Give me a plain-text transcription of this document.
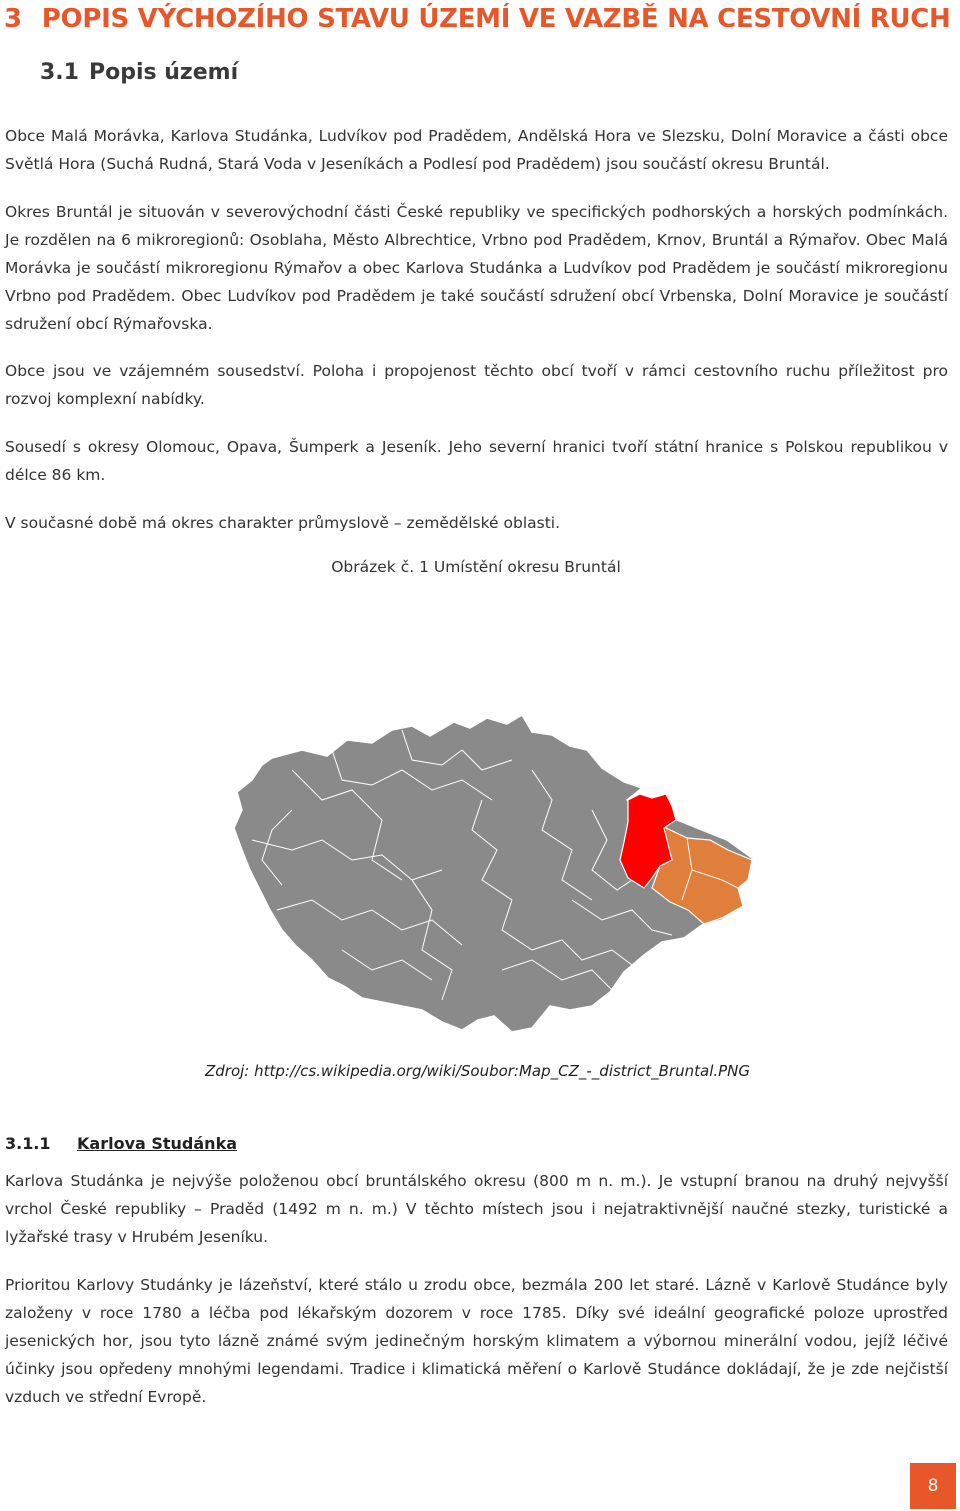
3 POPIS VÝCHOZÍHO STAVU ÚZEMÍ VE VAZBĚ NA CESTOVNÍ RUCH
3.1 Popis území

Obce Malá Morávka, Karlova Studánka, Ludvíkov pod Pradědem, Andělská Hora ve Slezsku, Dolní Moravice a části obce Světlá Hora (Suchá Rudná, Stará Voda v Jeseníkách a Podlesí pod Pradědem) jsou součástí okresu Bruntál.

Okres Bruntál je situován v severovýchodní části České republiky ve specifických podhorských a horských podmínkách. Je rozdělen na 6 mikroregionů: Osoblaha, Město Albrechtice, Vrbno pod Pradědem, Krnov, Bruntál a Rýmařov. Obec Malá Morávka je součástí mikroregionu Rýmařov a obec Karlova Studánka a Ludvíkov pod Pradědem je součástí mikroregionu Vrbno pod Pradědem. Obec Ludvíkov pod Pradědem je také součástí sdružení obcí Vrbenska, Dolní Moravice je součástí sdružení obcí Rýmařovska.

Obce jsou ve vzájemném sousedství. Poloha i propojenost těchto obcí tvoří v rámci cestovního ruchu příležitost pro rozvoj komplexní nabídky.

Sousedí s okresy Olomouc, Opava, Šumperk a Jeseník. Jeho severní hranici tvoří státní hranice s Polskou republikou v délce 86 km.

V současné době má okres charakter průmyslově – zemědělské oblasti.

Obrázek č. 1 Umístění okresu Bruntál

Zdroj: http://cs.wikipedia.org/wiki/Soubor:Map_CZ_-_district_Bruntal.PNG

3.1.1 Karlova Studánka

Karlova Studánka je nejvýše položenou obcí bruntálského okresu (800 m n. m.). Je vstupní branou na druhý nejvyšší vrchol České republiky – Praděd (1492 m n. m.) V těchto místech jsou i nejatraktivnější naučné stezky, turistické a lyžařské trasy v Hrubém Jeseníku.

Prioritou Karlovy Studánky je lázeňství, které stálo u zrodu obce, bezmála 200 let staré. Lázně v Karlově Studánce byly založeny v roce 1780 a léčba pod lékařským dozorem v roce 1785. Díky své ideální geografické poloze uprostřed jesenických hor, jsou tyto lázně známé svým jedinečným horským klimatem a výbornou minerální vodou, jejíž léčivé účinky jsou opředeny mnohými legendami. Tradice i klimatická měření o Karlově Studánce dokládají, že je zde nejčistší vzduch ve střední Evropě.

8
